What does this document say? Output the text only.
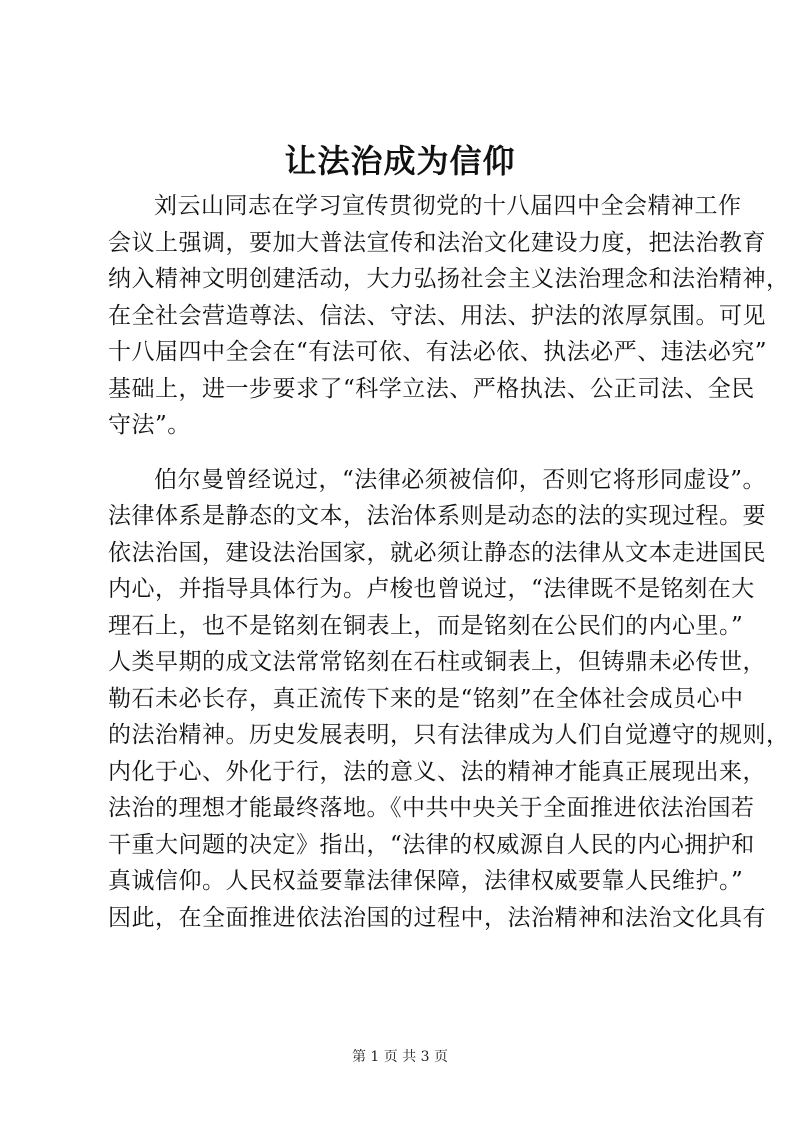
让法治成为信仰
刘云山同志在学习宣传贯彻党的十八届四中全会精神工作
会议上强调，要加大普法宣传和法治文化建设力度，把法治教育
纳入精神文明创建活动，大力弘扬社会主义法治理念和法治精神，
在全社会营造尊法、信法、守法、用法、护法的浓厚氛围。可见
十八届四中全会在“有法可依、有法必依、执法必严、违法必究”
基础上，进一步要求了“科学立法、严格执法、公正司法、全民
守法”。
伯尔曼曾经说过，“法律必须被信仰，否则它将形同虚设”。
法律体系是静态的文本，法治体系则是动态的法的实现过程。要
依法治国，建设法治国家，就必须让静态的法律从文本走进国民
内心，并指导具体行为。卢梭也曾说过，“法律既不是铭刻在大
理石上，也不是铭刻在铜表上，而是铭刻在公民们的内心里。”
人类早期的成文法常常铭刻在石柱或铜表上，但铸鼎未必传世，
勒石未必长存，真正流传下来的是“铭刻”在全体社会成员心中
的法治精神。历史发展表明，只有法律成为人们自觉遵守的规则，
内化于心、外化于行，法的意义、法的精神才能真正展现出来，
法治的理想才能最终落地。《中共中央关于全面推进依法治国若
干重大问题的决定》指出，“法律的权威源自人民的内心拥护和
真诚信仰。人民权益要靠法律保障，法律权威要靠人民维护。”
因此，在全面推进依法治国的过程中，法治精神和法治文化具有
第 1 页 共 3 页
